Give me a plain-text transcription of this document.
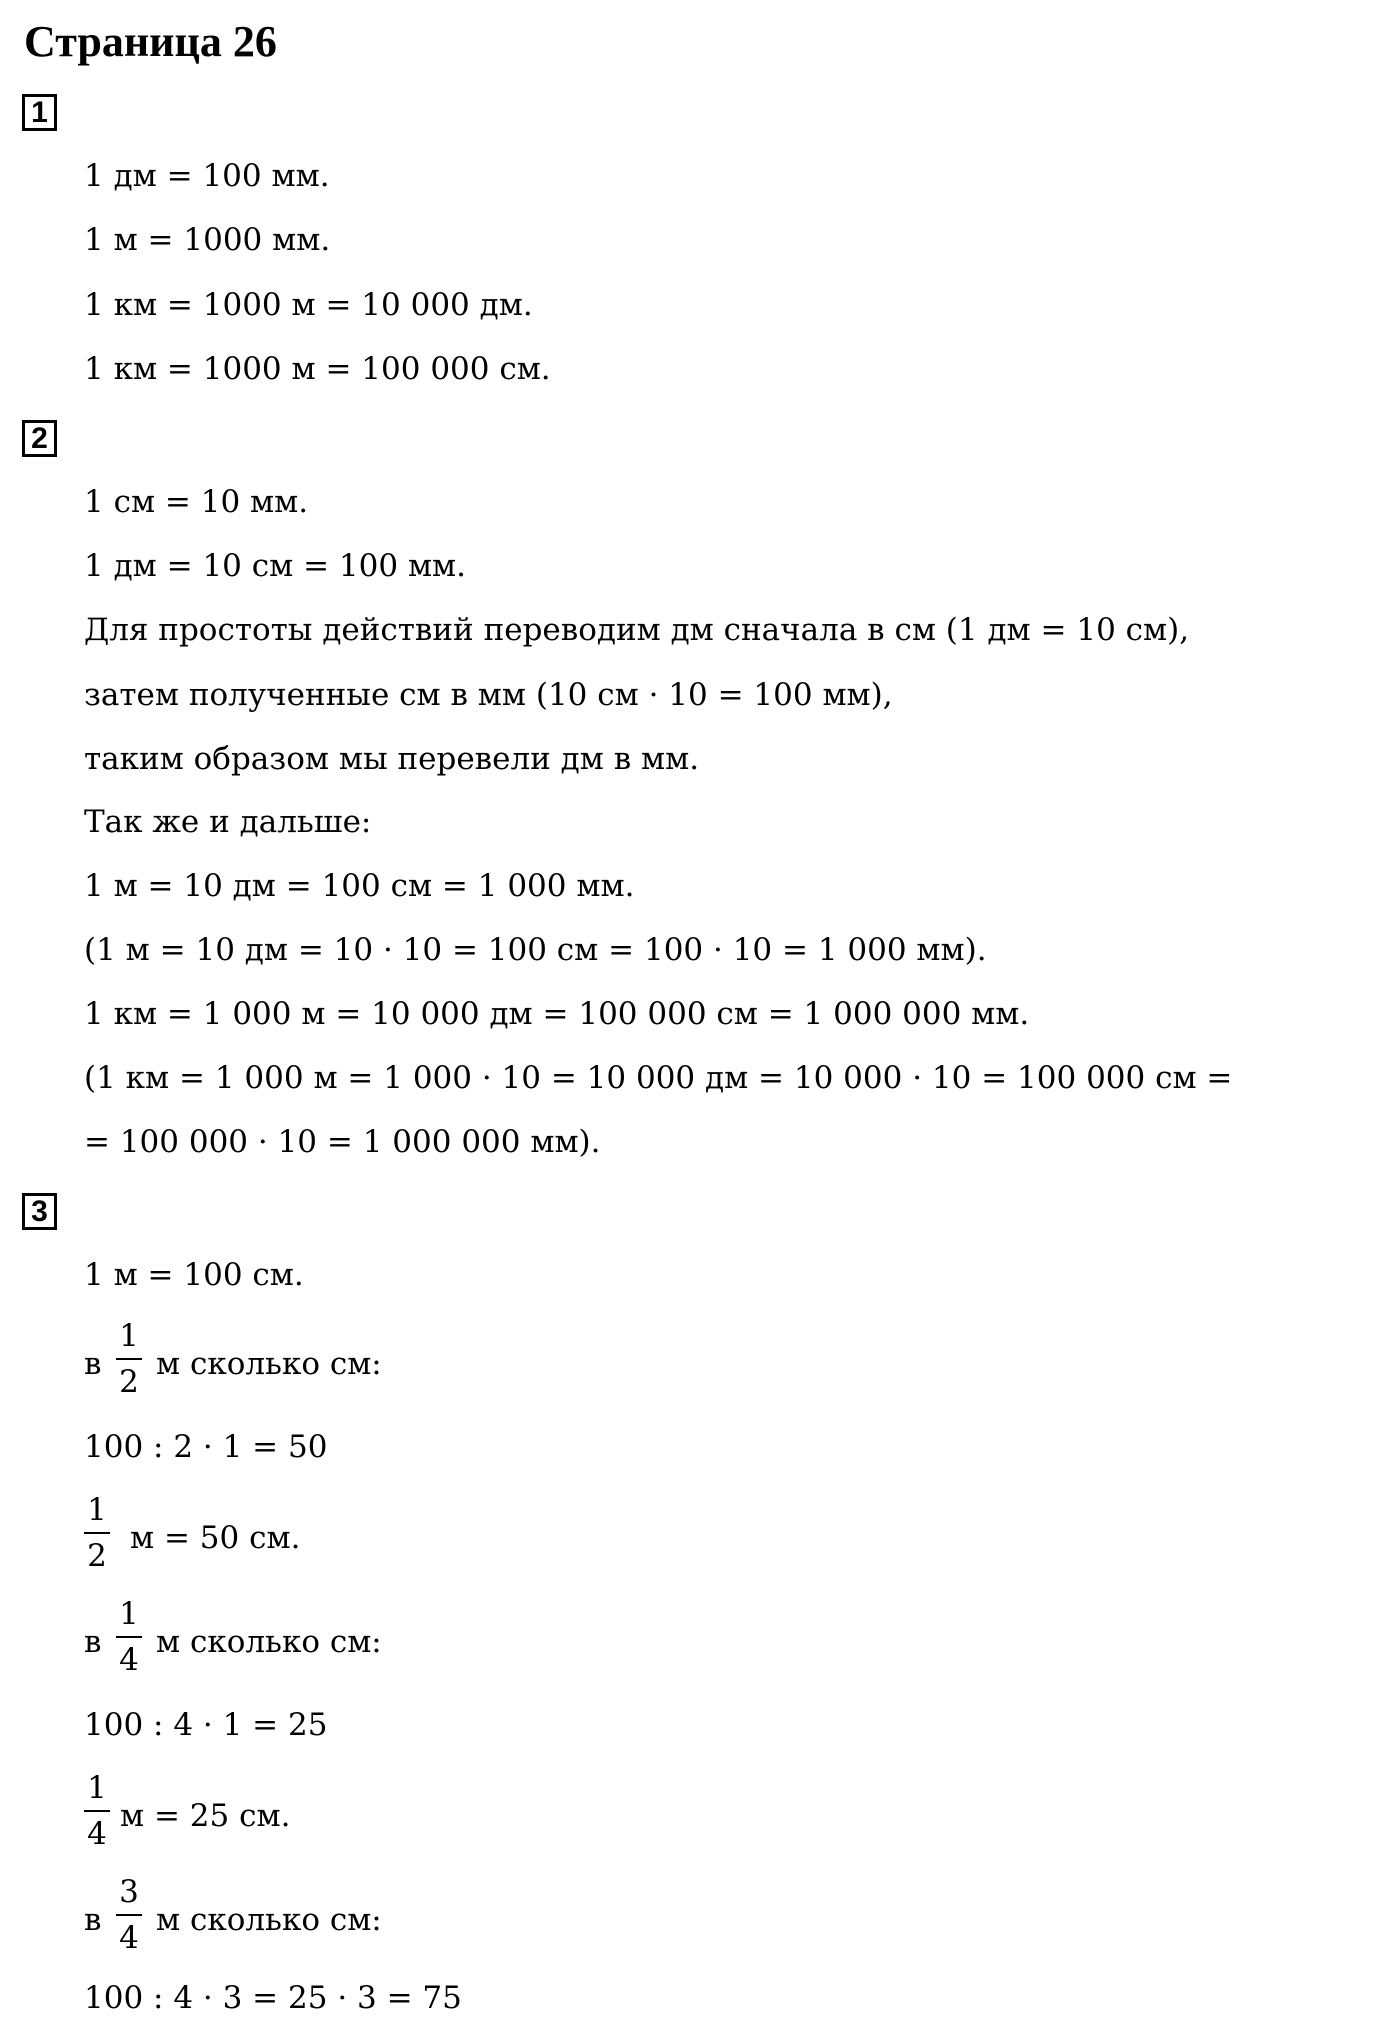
Страница 26
1
1 дм = 100 мм.
1 м = 1000 мм.
1 км = 1000 м = 10 000 дм.
1 км = 1000 м = 100 000 см.
2
1 см = 10 мм.
1 дм = 10 см = 100 мм.
Для простоты действий переводим дм сначала в см (1 дм = 10 см),
затем полученные см в мм (10 см · 10 = 100 мм),
таким образом мы перевели дм в мм.
Так же и дальше:
1 м = 10 дм = 100 см = 1 000 мм.
(1 м = 10 дм = 10 · 10 = 100 см = 100 · 10 = 1 000 мм).
1 км = 1 000 м = 10 000 дм = 100 000 см = 1 000 000 мм.
(1 км = 1 000 м = 1 000 · 10 = 10 000 дм = 10 000 · 10 = 100 000 см =
= 100 000 · 10 = 1 000 000 мм).
3
1 м = 100 см.
в
1
2 м сколько см:
100 : 2 · 1 = 50
1
2 м = 50 см.
в
1
4 м сколько см:
100 : 4 · 1 = 25
1
4 м = 25 см.
в
3
4 м сколько см:
100 : 4 · 3 = 25 · 3 = 75
